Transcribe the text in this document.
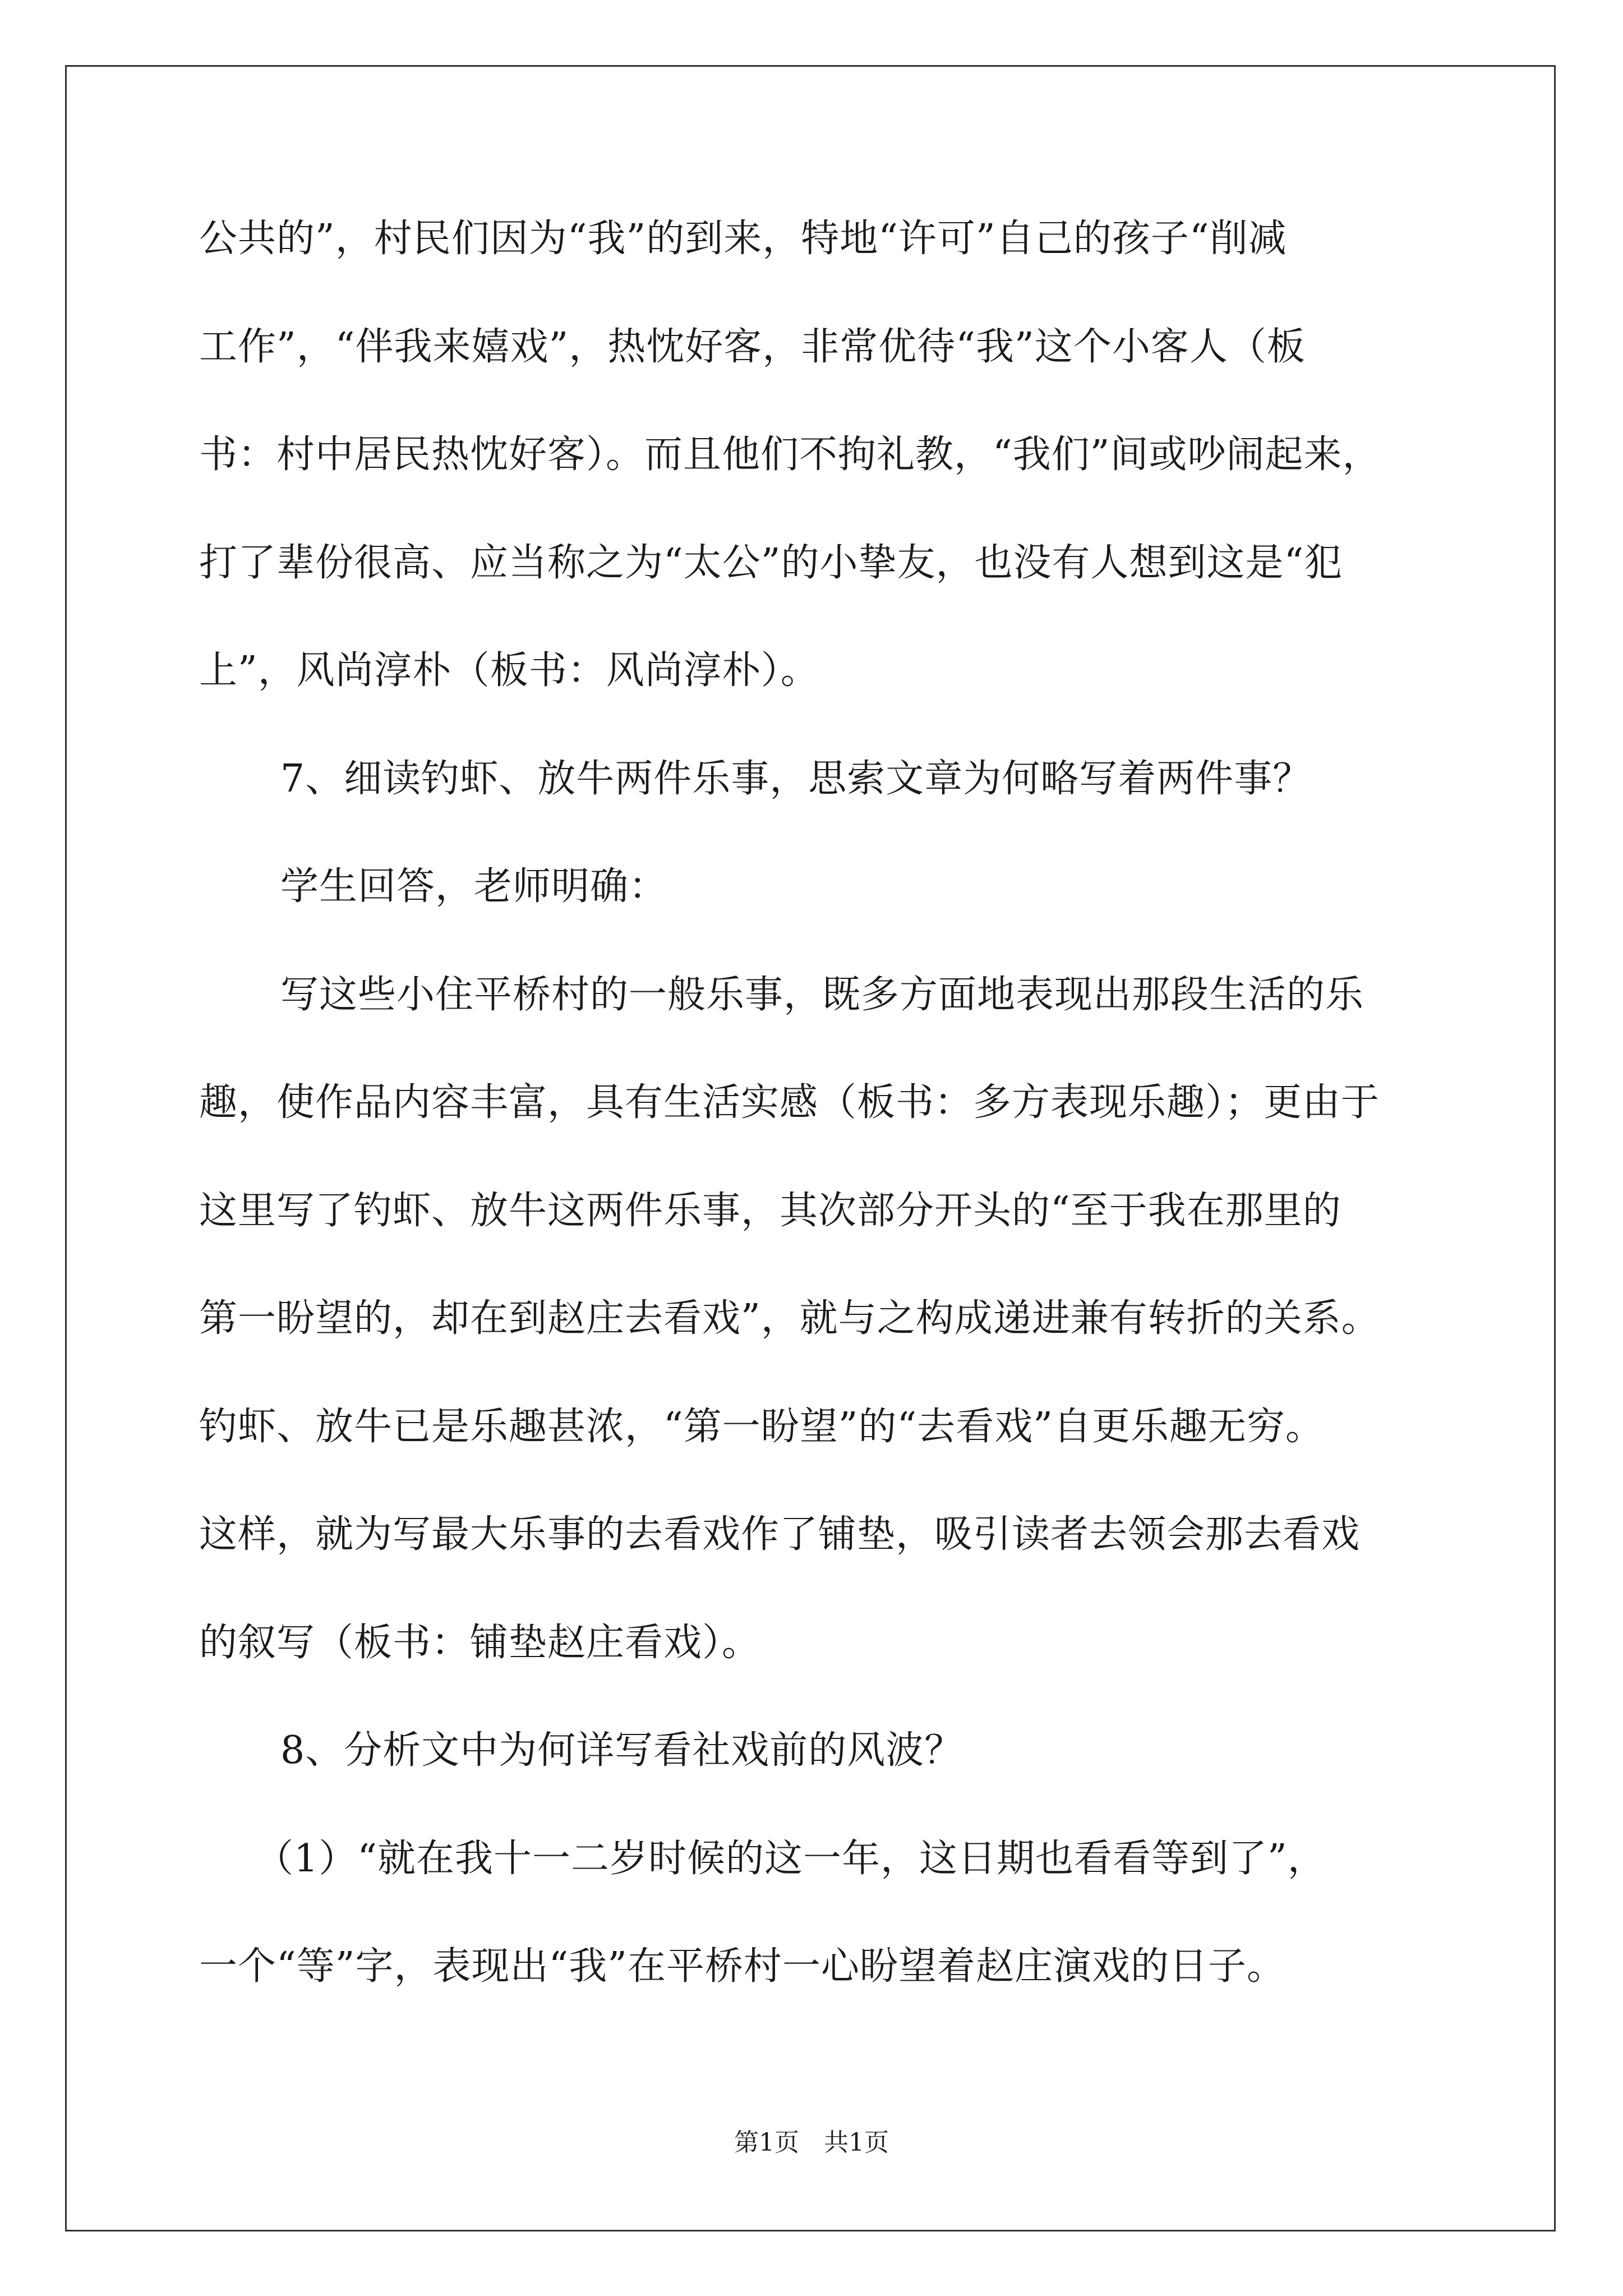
公共的”，村民们因为“我”的到来，特地“许可”自己的孩子“削减
工作”，“伴我来嬉戏”，热忱好客，非常优待“我”这个小客人（板
书：村中居民热忱好客）。而且他们不拘礼教，“我们”间或吵闹起来，
打了辈份很高、应当称之为“太公”的小挚友，也没有人想到这是“犯
上”，风尚淳朴（板书：风尚淳朴）。
7、细读钓虾、放牛两件乐事，思索文章为何略写着两件事？
学生回答，老师明确：
写这些小住平桥村的一般乐事，既多方面地表现出那段生活的乐
趣，使作品内容丰富，具有生活实感（板书：多方表现乐趣）；更由于
这里写了钓虾、放牛这两件乐事，其次部分开头的“至于我在那里的
第一盼望的，却在到赵庄去看戏”，就与之构成递进兼有转折的关系。
钓虾、放牛已是乐趣甚浓，“第一盼望”的“去看戏”自更乐趣无穷。
这样，就为写最大乐事的去看戏作了铺垫，吸引读者去领会那去看戏
的叙写（板书：铺垫赵庄看戏）。
8、分析文中为何详写看社戏前的风波？
（1）“就在我十一二岁时候的这一年，这日期也看看等到了”，
一个“等”字，表现出“我”在平桥村一心盼望着赵庄演戏的日子。
第1页　共1页
